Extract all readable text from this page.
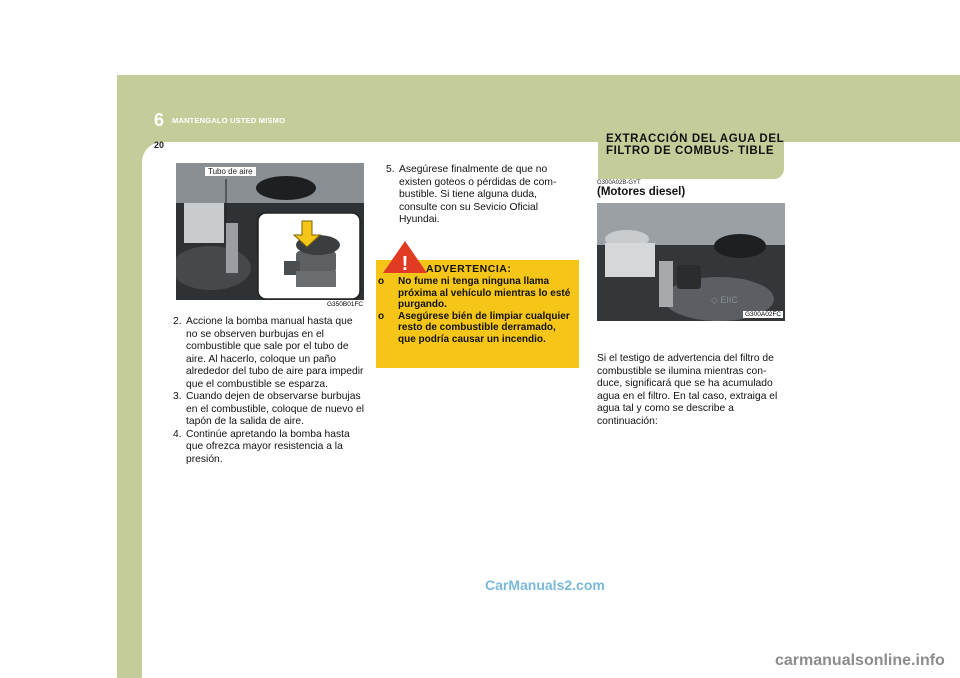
6 MANTENGALO USTED MISMO
20
Tubo de aire
G350B01FC
2. Accione la bomba manual hasta que no se observen burbujas en el combustible que sale por el tubo de aire. Al hacerlo, coloque un paño alrededor del tubo de aire para impedir que el combustible se esparza.
3. Cuando dejen de observarse burbujas en el combustible, coloque de nuevo el tapón de la salida de aire.
4. Continúe apretando la bomba hasta que ofrezca mayor resistencia a la presión.
5. Asegúrese finalmente de que no existen goteos o pérdidas de com- bustible. Si tiene alguna duda, consulte con su Sevicio Oficial Hyundai.
ADVERTENCIA:
o No fume ni tenga ninguna llama próxima al vehículo mientras lo esté purgando.
o Asegúrese bién de limpiar cualquier resto de combustible derramado, que podría causar un incendio.
!
EXTRACCIÓN DEL AGUA DEL FILTRO DE COMBUS- TIBLE
G300A02B-GYT
(Motores diesel)
◇ EIIC
G300A02FC
Si el testigo de advertencia del filtro de combustible se ilumina mientras con- duce, significará que se ha acumulado agua en el filtro. En tal caso, extraiga el agua tal y como se describe a continuación:
CarManuals2.com
carmanualsonline.info
